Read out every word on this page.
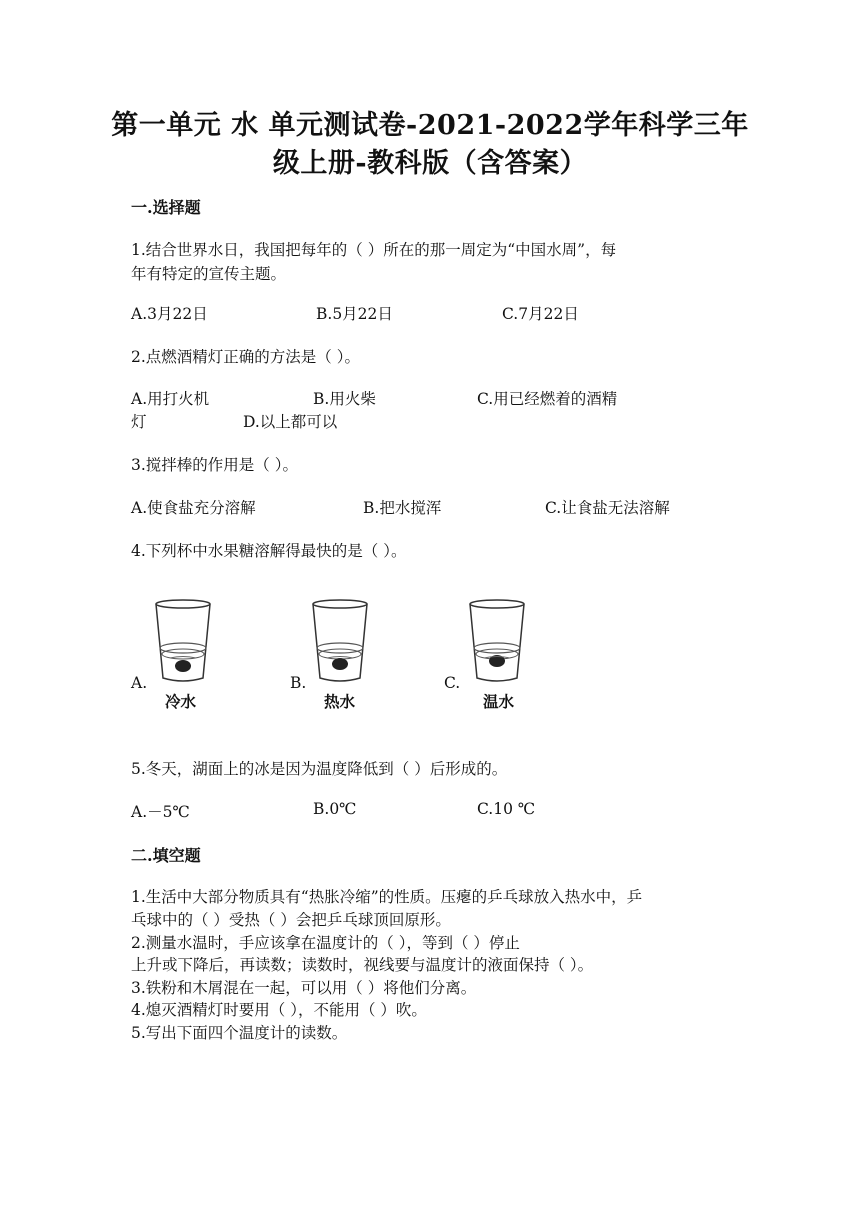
第一单元 水 单元测试卷-2021-2022学年科学三年
级上册-教科版（含答案）
一.选择题
1.结合世界水日，我国把每年的（ ）所在的那一周定为“中国水周”，每
年有特定的宣传主题。
A.3月22日	B.5月22日	C.7月22日
2.点燃酒精灯正确的方法是（ ）。
A.用打火机	B.用火柴	C.用已经燃着的酒精
灯	D.以上都可以
3.搅拌棒的作用是（ ）。
A.使食盐充分溶解	B.把水搅浑	C.让食盐无法溶解
4.下列杯中水果糖溶解得最快的是（ ）。
A.
冷水
B.
热水
C.
温水
5.冬天，湖面上的冰是因为温度降低到（ ）后形成的。
A.－5℃	B.0℃	C.10 ℃
二.填空题
1.生活中大部分物质具有“热胀冷缩”的性质。压瘪的乒乓球放入热水中，乒
乓球中的（ ）受热（ ）会把乒乓球顶回原形。
2.测量水温时，手应该拿在温度计的（ ），等到（ ）停止
上升或下降后，再读数；读数时，视线要与温度计的液面保持（ ）。
3.铁粉和木屑混在一起，可以用（ ）将他们分离。
4.熄灭酒精灯时要用（ ），不能用（ ）吹。
5.写出下面四个温度计的读数。
